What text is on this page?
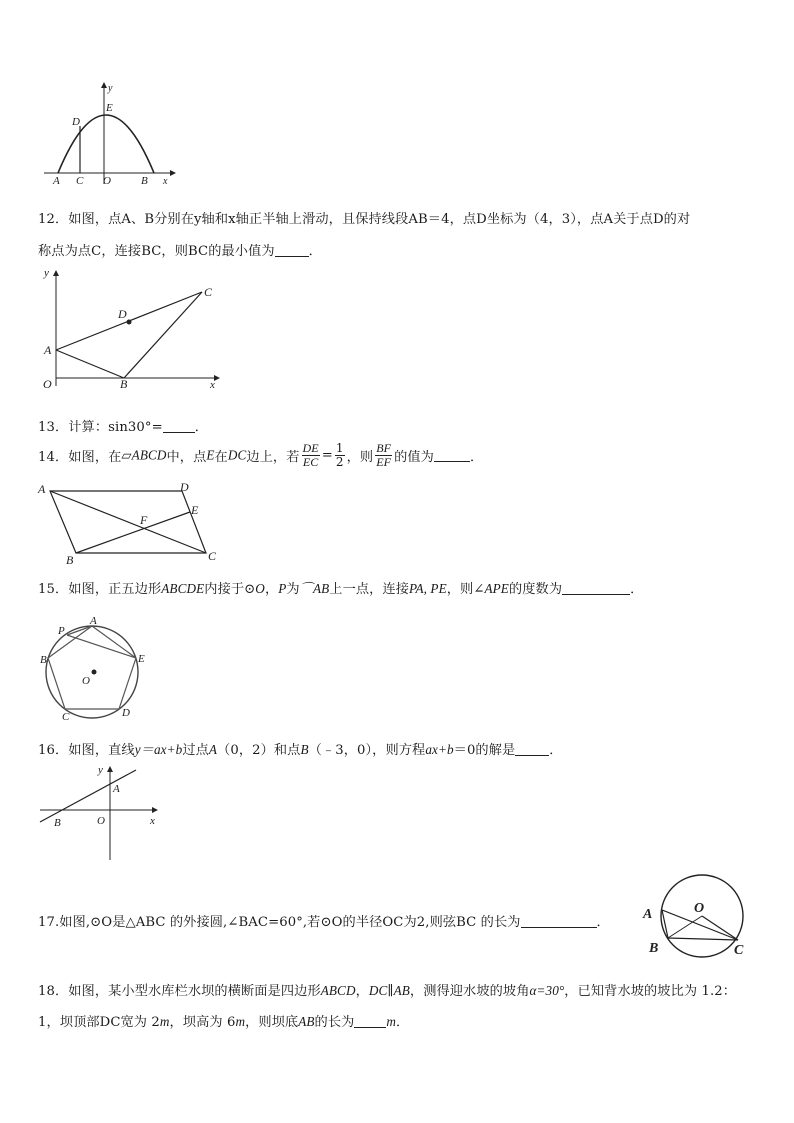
y
E
D
A C O	B x
12．如图，点A、B分别在y轴和x轴正半轴上滑动，且保持线段AB＝4，点D坐标为（4，3），点A关于点D的对
称点为点C，连接BC，则BC的最小值为	．
y
C
D
A
O	B	x
13．计算：sin30°= ．
14．如图，在▱ABCD中，点E在DC边上，若 $\frac{DE}{EC} = \frac{1}{2}$ ，则 $\frac{BF}{EF}$ 的值为	．
A	D
E
F
B	C
15．如图，正五边形ABCDE内接于⊙O，P为⌒AB上一点，连接PA, PE，则∠APE的度数为	．
P
A
B	E
O
C	D
16．如图，直线y＝ax+b过点A（0，2）和点B（﹣3，0），则方程ax+b＝0的解是	．
y
A
B	O	x
17.如图,⊙O是△ABC 的外接圆,∠BAC=60°,若⊙O的半径OC为2,则弦BC 的长为	．
A	O
B	C
18．如图，某小型水库栏水坝的横断面是四边形ABCD，DC∥AB，测得迎水坡的坡角α=30°，已知背水坡的坡比为 1.2：
1，坝顶部DC宽为 2m，坝高为 6m，则坝底AB的长为 m．
